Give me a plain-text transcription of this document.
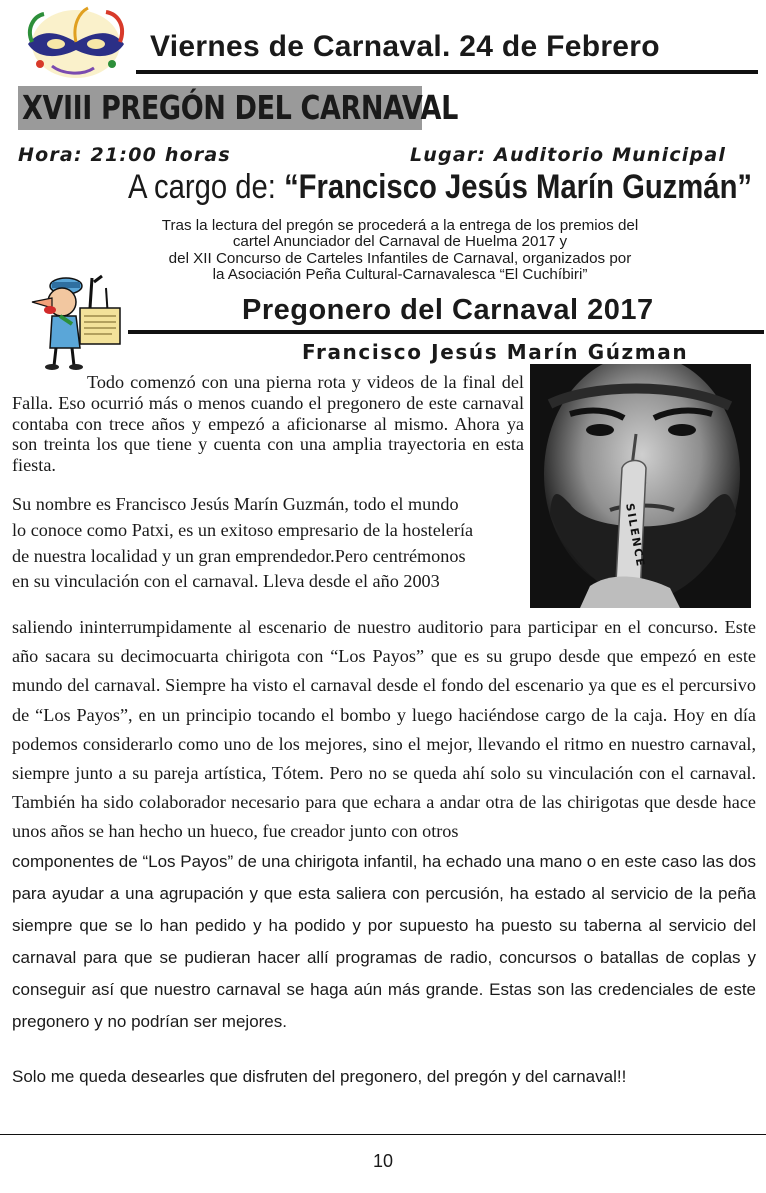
Viernes de Carnaval. 24 de Febrero
XVIII PREGÓN DEL CARNAVAL
Hora: 21:00 horas	Lugar: Auditorio Municipal
A cargo de: “Francisco Jesús Marín Guzmán”
Tras la lectura del pregón se procederá a la entrega de los premios del
cartel Anunciador del Carnaval de Huelma 2017 y
del XII Concurso de Carteles Infantiles de Carnaval, organizados por
la Asociación Peña Cultural-Carnavalesca “El Cuchíbiri”
Pregonero del Carnaval 2017
Francisco Jesús Marín Gúzman
SILENCE
Todo comenzó con una pierna rota y videos de la final del Falla. Eso ocurrió más o menos cuando el pregonero de este carnaval contaba con trece años y empezó a aficionarse al mismo. Ahora ya son treinta los que tiene y cuenta con una amplia trayectoria en esta fiesta.

Su nombre es Francisco Jesús Marín Guzmán, todo el mundo

lo conoce como Patxi, es un exitoso empresario de la hostelería

de nuestra localidad y un gran emprendedor.Pero centrémonos

en su vinculación con el carnaval. Lleva desde el año 2003

saliendo ininterrumpidamente al escenario de nuestro auditorio para participar en el concurso. Este año sacara su decimocuarta chirigota con “Los Payos” que es su grupo desde que empezó en este mundo del carnaval. Siempre ha visto el carnaval desde el fondo del escenario ya que es el percursivo de “Los Payos”, en un principio tocando el bombo y luego haciéndose cargo de la caja. Hoy en día podemos considerarlo como uno de los mejores, sino el mejor, llevando el ritmo en nuestro carnaval, siempre junto a su pareja artística, Tótem. Pero no se queda ahí solo su vinculación con el carnaval. También ha sido colaborador necesario para que echara a andar otra de las chirigotas que desde hace unos años se han hecho un hueco, fue creador junto con otros
componentes de “Los Payos” de una chirigota infantil, ha echado una mano o en este caso las dos para ayudar a una agrupación y que esta saliera con percusión, ha estado al servicio de la peña siempre que se lo han pedido y ha podido y por supuesto ha puesto su taberna al servicio del carnaval para que se pudieran hacer allí programas de radio, concursos o batallas de coplas y conseguir así que nuestro carnaval se haga aún más grande. Estas son las credenciales de este pregonero y no podrían ser mejores.
Solo me queda desearles que disfruten del pregonero, del pregón y del carnaval!!
10
